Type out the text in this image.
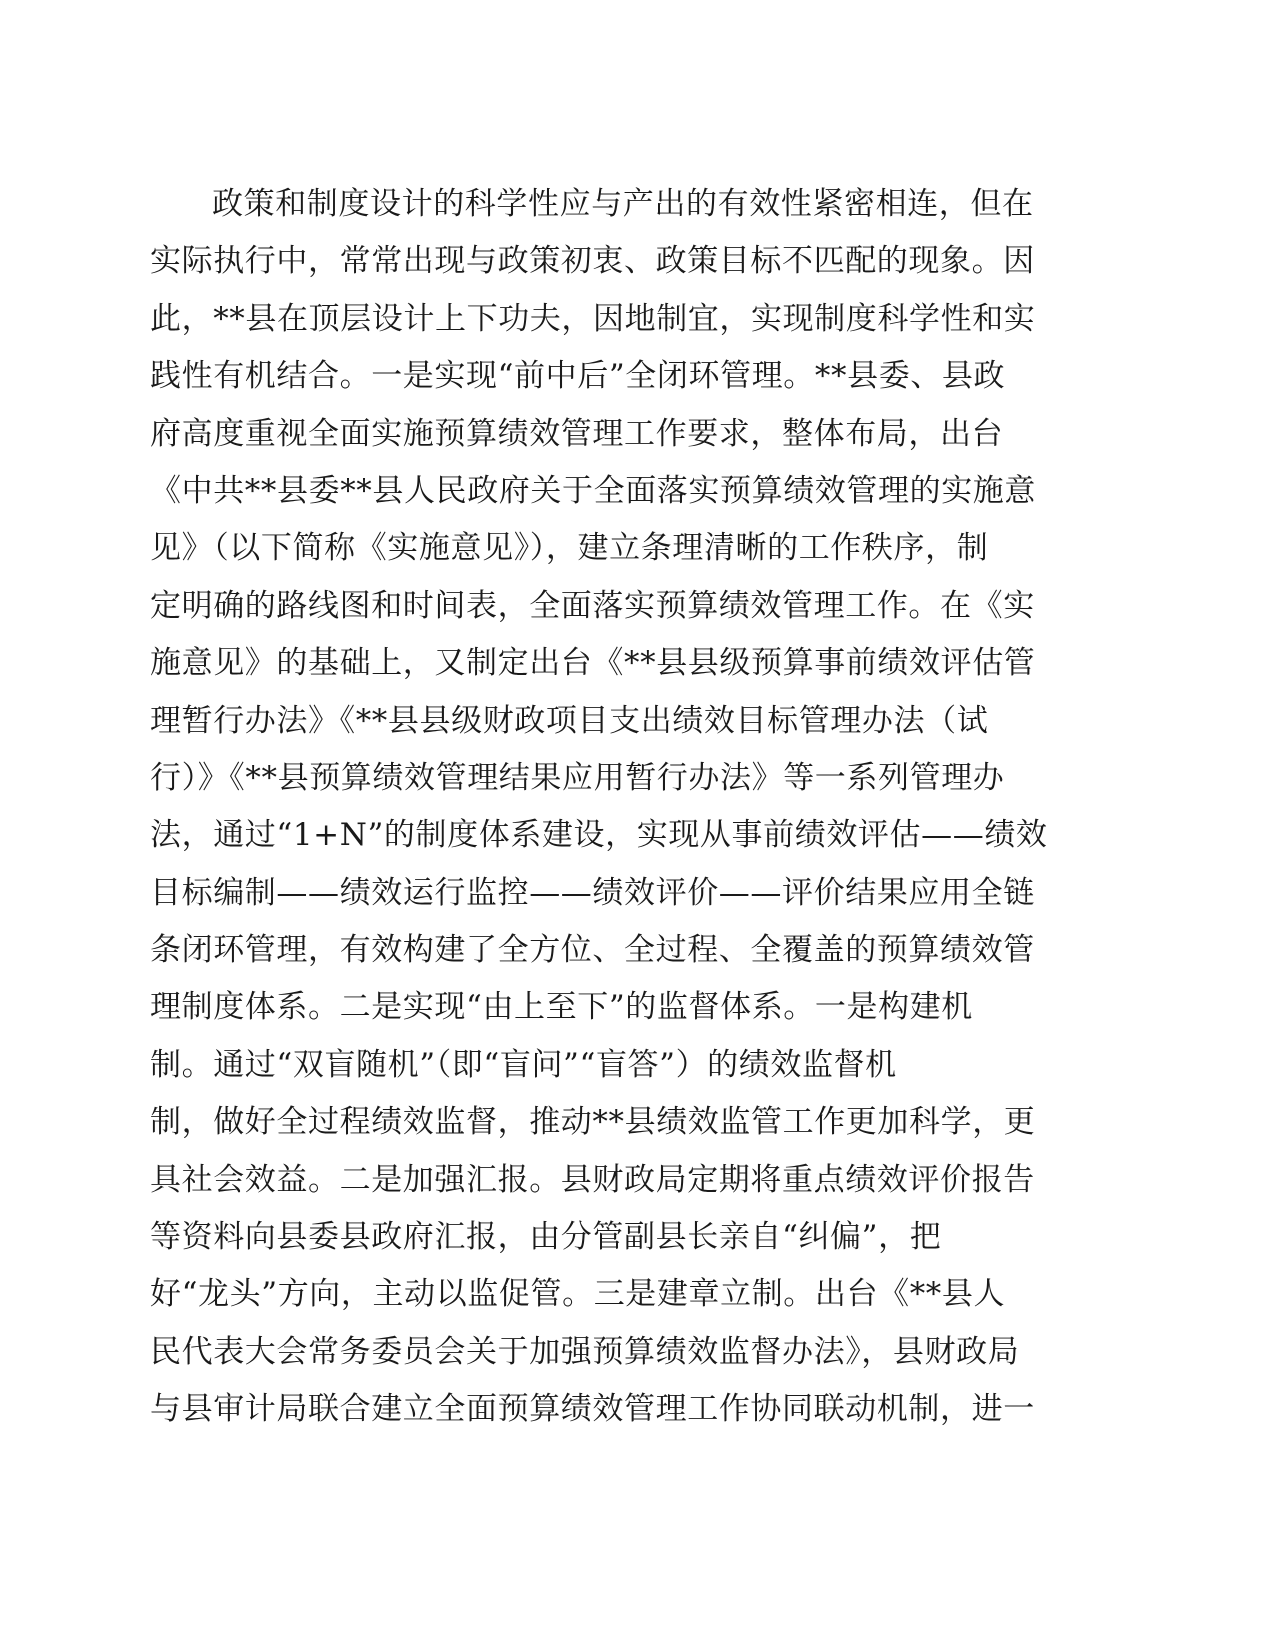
政策和制度设计的科学性应与产出的有效性紧密相连，但在
实际执行中，常常出现与政策初衷、政策目标不匹配的现象。因
此，**县在顶层设计上下功夫，因地制宜，实现制度科学性和实
践性有机结合。一是实现“前中后”全闭环管理。**县委、县政
府高度重视全面实施预算绩效管理工作要求，整体布局，出台
《中共**县委**县人民政府关于全面落实预算绩效管理的实施意
见》（以下简称《实施意见》），建立条理清晰的工作秩序，制
定明确的路线图和时间表，全面落实预算绩效管理工作。在《实
施意见》的基础上，又制定出台《**县县级预算事前绩效评估管
理暂行办法》《**县县级财政项目支出绩效目标管理办法（试
行）》《**县预算绩效管理结果应用暂行办法》等一系列管理办
法，通过“1+N”的制度体系建设，实现从事前绩效评估——绩效
目标编制——绩效运行监控——绩效评价——评价结果应用全链
条闭环管理，有效构建了全方位、全过程、全覆盖的预算绩效管
理制度体系。二是实现“由上至下”的监督体系。一是构建机
制。通过“双盲随机”（即“盲问”“盲答”）的绩效监督机
制，做好全过程绩效监督，推动**县绩效监管工作更加科学，更
具社会效益。二是加强汇报。县财政局定期将重点绩效评价报告
等资料向县委县政府汇报，由分管副县长亲自“纠偏”，把
好“龙头”方向，主动以监促管。三是建章立制。出台《**县人
民代表大会常务委员会关于加强预算绩效监督办法》，县财政局
与县审计局联合建立全面预算绩效管理工作协同联动机制，进一
